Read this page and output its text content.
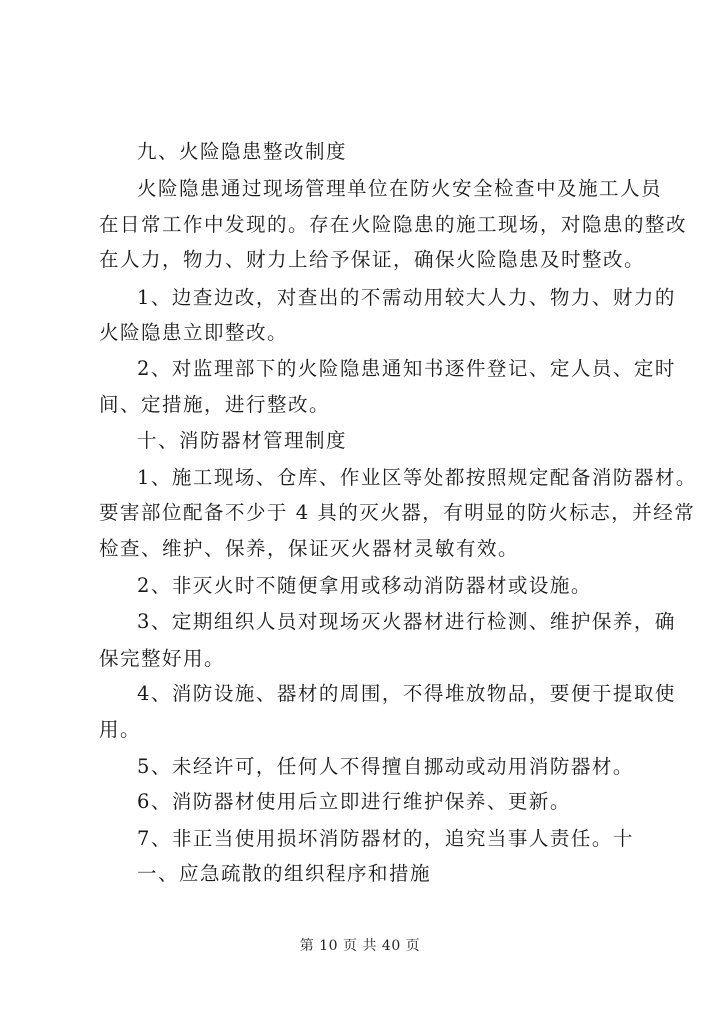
九、火险隐患整改制度
火险隐患通过现场管理单位在防火安全检查中及施工人员
在日常工作中发现的。存在火险隐患的施工现场，对隐患的整改
在人力，物力、财力上给予保证，确保火险隐患及时整改。
1、边查边改，对查出的不需动用较大人力、物力、财力的
火险隐患立即整改。
2、对监理部下的火险隐患通知书逐件登记、定人员、定时
间、定措施，进行整改。
十、消防器材管理制度
1、施工现场、仓库、作业区等处都按照规定配备消防器材。
要害部位配备不少于 4 具的灭火器，有明显的防火标志，并经常
检查、维护、保养，保证灭火器材灵敏有效。
2、非灭火时不随便拿用或移动消防器材或设施。
3、定期组织人员对现场灭火器材进行检测、维护保养，确
保完整好用。
4、消防设施、器材的周围，不得堆放物品，要便于提取使
用。
5、未经许可，任何人不得擅自挪动或动用消防器材。
6、消防器材使用后立即进行维护保养、更新。
7、非正当使用损坏消防器材的，追究当事人责任。十
一、应急疏散的组织程序和措施
第 10 页 共 40 页
